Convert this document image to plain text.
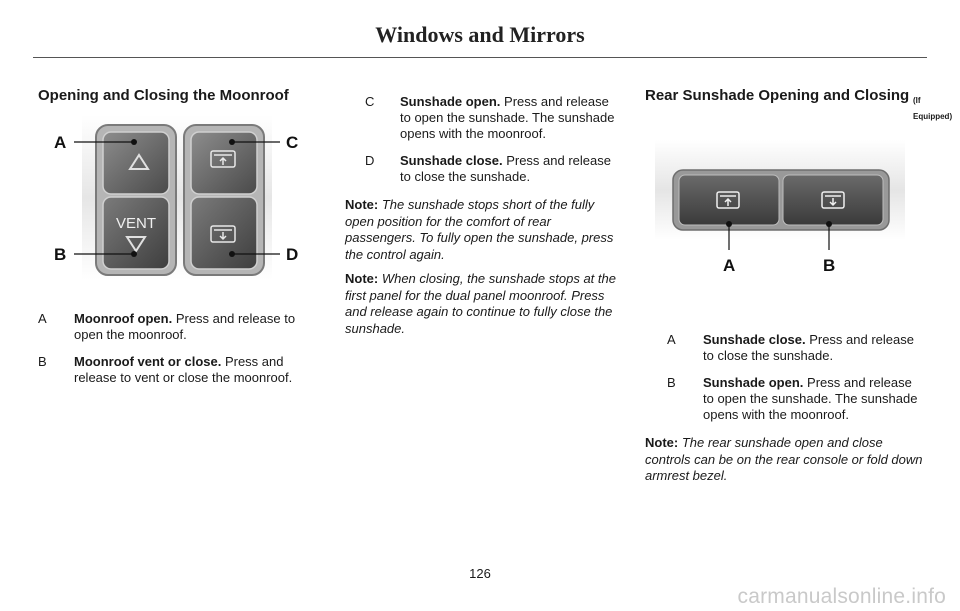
Windows and Mirrors
Opening and Closing the Moonroof
VENT
A	C
B	D
A	Moonroof open. Press and release to open the moonroof.
B	Moonroof vent or close. Press and release to vent or close the moonroof.
C	Sunshade open. Press and release to open the sunshade. The sunshade opens with the moonroof.
D	Sunshade close. Press and release to close the sunshade.

Note: The sunshade stops short of the fully open position for the comfort of rear passengers. To fully open the sunshade, press the control again.

Note: When closing, the sunshade stops at the first panel for the dual panel moonroof. Press and release again to continue to fully close the sunshade.

Rear Sunshade Opening and Closing (If Equipped)
A	B
A	Sunshade close. Press and release to close the sunshade.
B	Sunshade open. Press and release to open the sunshade. The sunshade opens with the moonroof.

Note: The rear sunshade open and close controls can be on the rear console or fold down armrest bezel.

126
carmanualsonline.info
